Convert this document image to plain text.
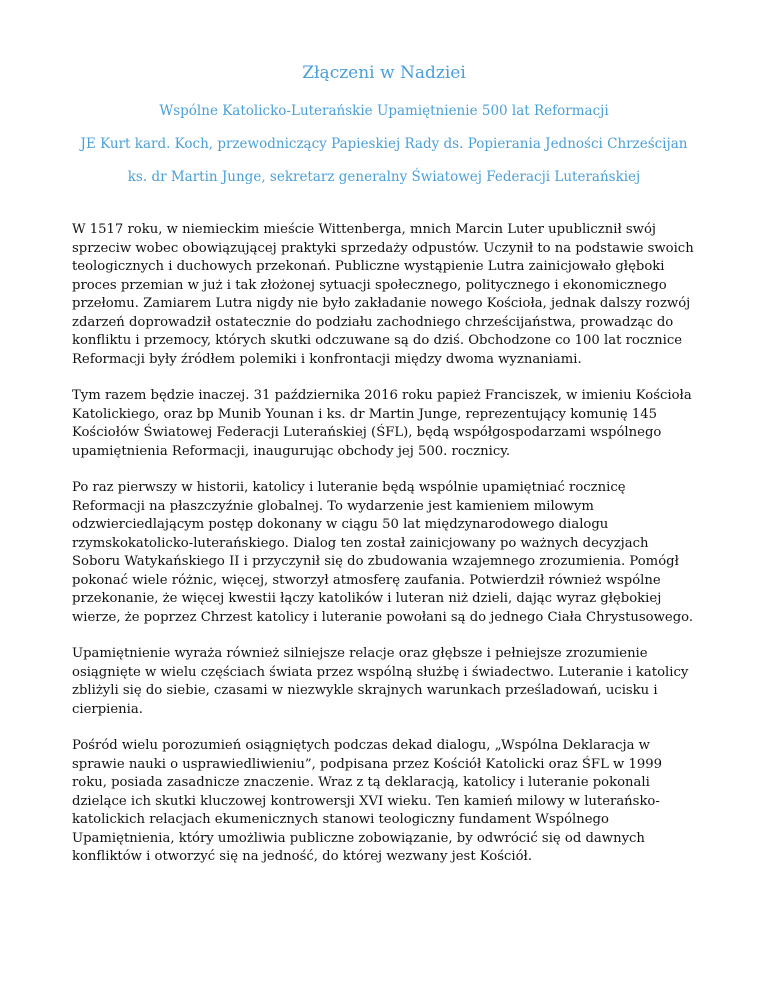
Złączeni w Nadziei

Wspólne Katolicko-Luterańskie Upamiętnienie 500 lat Reformacji

JE Kurt kard. Koch, przewodniczący Papieskiej Rady ds. Popierania Jedności Chrześcijan

ks. dr Martin Junge, sekretarz generalny Światowej Federacji Luterańskiej

W 1517 roku, w niemieckim mieście Wittenberga, mnich Marcin Luter upublicznił swój sprzeciw wobec obowiązującej praktyki sprzedaży odpustów. Uczynił to na podstawie swoich teologicznych i duchowych przekonań. Publiczne wystąpienie Lutra zainicjowało głęboki proces przemian w już i tak złożonej sytuacji społecznego, politycznego i ekonomicznego przełomu. Zamiarem Lutra nigdy nie było zakładanie nowego Kościoła, jednak dalszy rozwój zdarzeń doprowadził ostatecznie do podziału zachodniego chrześcijaństwa, prowadząc do konfliktu i przemocy, których skutki odczuwane są do dziś. Obchodzone co 100 lat rocznice Reformacji były źródłem polemiki i konfrontacji między dwoma wyznaniami.

Tym razem będzie inaczej. 31 października 2016 roku papież Franciszek, w imieniu Kościoła Katolickiego, oraz bp Munib Younan i ks. dr Martin Junge, reprezentujący komunię 145 Kościołów Światowej Federacji Luterańskiej (ŚFL), będą współgospodarzami wspólnego upamiętnienia Reformacji, inaugurując obchody jej 500. rocznicy.

Po raz pierwszy w historii, katolicy i luteranie będą wspólnie upamiętniać rocznicę Reformacji na płaszczyźnie globalnej. To wydarzenie jest kamieniem milowym odzwierciedlającym postęp dokonany w ciągu 50 lat międzynarodowego dialogu rzymskokatolicko-luterańskiego. Dialog ten został zainicjowany po ważnych decyzjach Soboru Watykańskiego II i przyczynił się do zbudowania wzajemnego zrozumienia. Pomógł pokonać wiele różnic, więcej, stworzył atmosferę zaufania. Potwierdził również wspólne przekonanie, że więcej kwestii łączy katolików i luteran niż dzieli, dając wyraz głębokiej wierze, że poprzez Chrzest katolicy i luteranie powołani są do jednego Ciała Chrystusowego.

Upamiętnienie wyraża również silniejsze relacje oraz głębsze i pełniejsze zrozumienie osiągnięte w wielu częściach świata przez wspólną służbę i świadectwo. Luteranie i katolicy zbliżyli się do siebie, czasami w niezwykle skrajnych warunkach prześladowań, ucisku i cierpienia.

Pośród wielu porozumień osiągniętych podczas dekad dialogu, „Wspólna Deklaracja w sprawie nauki o usprawiedliwieniu”, podpisana przez Kościół Katolicki oraz ŚFL w 1999 roku, posiada zasadnicze znaczenie. Wraz z tą deklaracją, katolicy i luteranie pokonali dzielące ich skutki kluczowej kontrowersji XVI wieku. Ten kamień milowy w luterańsko-katolickich relacjach ekumenicznych stanowi teologiczny fundament Wspólnego Upamiętnienia, który umożliwia publiczne zobowiązanie, by odwrócić się od dawnych konfliktów i otworzyć się na jedność, do której wezwany jest Kościół.
